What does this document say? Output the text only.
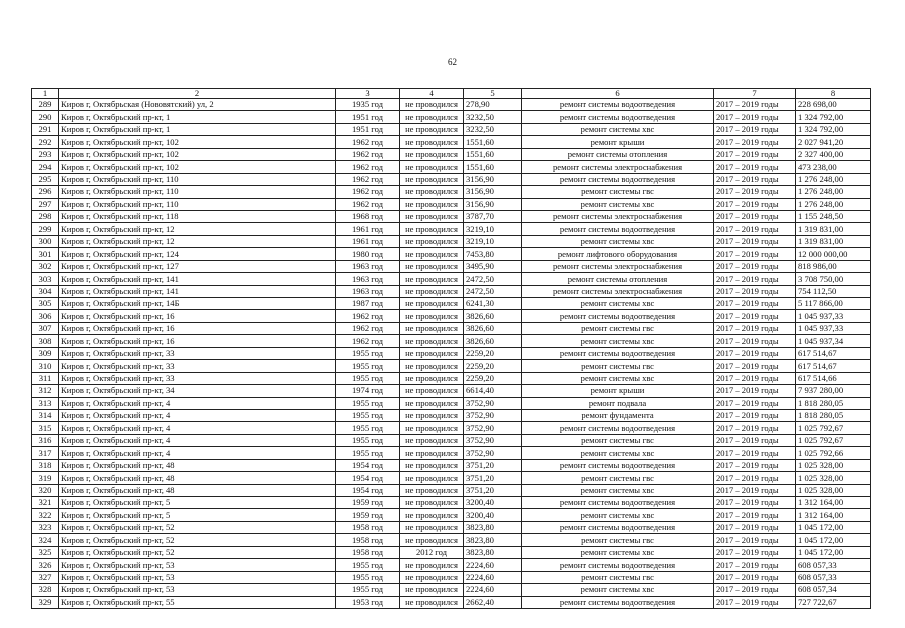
62
1	2	3	4	5	6	7	8
289	Киров г, Октябрьская (Нововятский) ул, 2	1935 год	не проводился	278,90	ремонт системы водоотведения	2017 – 2019 годы	228 698,00
290	Киров г, Октябрьский пр-кт, 1	1951 год	не проводился	3232,50	ремонт системы водоотведения	2017 – 2019 годы	1 324 792,00
291	Киров г, Октябрьский пр-кт, 1	1951 год	не проводился	3232,50	ремонт системы хвс	2017 – 2019 годы	1 324 792,00
292	Киров г, Октябрьский пр-кт, 102	1962 год	не проводился	1551,60	ремонт крыши	2017 – 2019 годы	2 027 941,20
293	Киров г, Октябрьский пр-кт, 102	1962 год	не проводился	1551,60	ремонт системы отопления	2017 – 2019 годы	2 327 400,00
294	Киров г, Октябрьский пр-кт, 102	1962 год	не проводился	1551,60	ремонт системы электроснабжения	2017 – 2019 годы	473 238,00
295	Киров г, Октябрьский пр-кт, 110	1962 год	не проводился	3156,90	ремонт системы водоотведения	2017 – 2019 годы	1 276 248,00
296	Киров г, Октябрьский пр-кт, 110	1962 год	не проводился	3156,90	ремонт системы гвс	2017 – 2019 годы	1 276 248,00
297	Киров г, Октябрьский пр-кт, 110	1962 год	не проводился	3156,90	ремонт системы хвс	2017 – 2019 годы	1 276 248,00
298	Киров г, Октябрьский пр-кт, 118	1968 год	не проводился	3787,70	ремонт системы электроснабжения	2017 – 2019 годы	1 155 248,50
299	Киров г, Октябрьский пр-кт, 12	1961 год	не проводился	3219,10	ремонт системы водоотведения	2017 – 2019 годы	1 319 831,00
300	Киров г, Октябрьский пр-кт, 12	1961 год	не проводился	3219,10	ремонт системы хвс	2017 – 2019 годы	1 319 831,00
301	Киров г, Октябрьский пр-кт, 124	1980 год	не проводился	7453,80	ремонт лифтового оборудования	2017 – 2019 годы	12 000 000,00
302	Киров г, Октябрьский пр-кт, 127	1963 год	не проводился	3495,90	ремонт системы электроснабжения	2017 – 2019 годы	818 986,00
303	Киров г, Октябрьский пр-кт, 141	1963 год	не проводился	2472,50	ремонт системы отопления	2017 – 2019 годы	3 708 750,00
304	Киров г, Октябрьский пр-кт, 141	1963 год	не проводился	2472,50	ремонт системы электроснабжения	2017 – 2019 годы	754 112,50
305	Киров г, Октябрьский пр-кт, 14Б	1987 год	не проводился	6241,30	ремонт системы хвс	2017 – 2019 годы	5 117 866,00
306	Киров г, Октябрьский пр-кт, 16	1962 год	не проводился	3826,60	ремонт системы водоотведения	2017 – 2019 годы	1 045 937,33
307	Киров г, Октябрьский пр-кт, 16	1962 год	не проводился	3826,60	ремонт системы гвс	2017 – 2019 годы	1 045 937,33
308	Киров г, Октябрьский пр-кт, 16	1962 год	не проводился	3826,60	ремонт системы хвс	2017 – 2019 годы	1 045 937,34
309	Киров г, Октябрьский пр-кт, 33	1955 год	не проводился	2259,20	ремонт системы водоотведения	2017 – 2019 годы	617 514,67
310	Киров г, Октябрьский пр-кт, 33	1955 год	не проводился	2259,20	ремонт системы гвс	2017 – 2019 годы	617 514,67
311	Киров г, Октябрьский пр-кт, 33	1955 год	не проводился	2259,20	ремонт системы хвс	2017 – 2019 годы	617 514,66
312	Киров г, Октябрьский пр-кт, 34	1974 год	не проводился	6614,40	ремонт крыши	2017 – 2019 годы	7 937 280,00
313	Киров г, Октябрьский пр-кт, 4	1955 год	не проводился	3752,90	ремонт подвала	2017 – 2019 годы	1 818 280,05
314	Киров г, Октябрьский пр-кт, 4	1955 год	не проводился	3752,90	ремонт фундамента	2017 – 2019 годы	1 818 280,05
315	Киров г, Октябрьский пр-кт, 4	1955 год	не проводился	3752,90	ремонт системы водоотведения	2017 – 2019 годы	1 025 792,67
316	Киров г, Октябрьский пр-кт, 4	1955 год	не проводился	3752,90	ремонт системы гвс	2017 – 2019 годы	1 025 792,67
317	Киров г, Октябрьский пр-кт, 4	1955 год	не проводился	3752,90	ремонт системы хвс	2017 – 2019 годы	1 025 792,66
318	Киров г, Октябрьский пр-кт, 48	1954 год	не проводился	3751,20	ремонт системы водоотведения	2017 – 2019 годы	1 025 328,00
319	Киров г, Октябрьский пр-кт, 48	1954 год	не проводился	3751,20	ремонт системы гвс	2017 – 2019 годы	1 025 328,00
320	Киров г, Октябрьский пр-кт, 48	1954 год	не проводился	3751,20	ремонт системы хвс	2017 – 2019 годы	1 025 328,00
321	Киров г, Октябрьский пр-кт, 5	1959 год	не проводился	3200,40	ремонт системы водоотведения	2017 – 2019 годы	1 312 164,00
322	Киров г, Октябрьский пр-кт, 5	1959 год	не проводился	3200,40	ремонт системы хвс	2017 – 2019 годы	1 312 164,00
323	Киров г, Октябрьский пр-кт, 52	1958 год	не проводился	3823,80	ремонт системы водоотведения	2017 – 2019 годы	1 045 172,00
324	Киров г, Октябрьский пр-кт, 52	1958 год	не проводился	3823,80	ремонт системы гвс	2017 – 2019 годы	1 045 172,00
325	Киров г, Октябрьский пр-кт, 52	1958 год	2012 год	3823,80	ремонт системы хвс	2017 – 2019 годы	1 045 172,00
326	Киров г, Октябрьский пр-кт, 53	1955 год	не проводился	2224,60	ремонт системы водоотведения	2017 – 2019 годы	608 057,33
327	Киров г, Октябрьский пр-кт, 53	1955 год	не проводился	2224,60	ремонт системы гвс	2017 – 2019 годы	608 057,33
328	Киров г, Октябрьский пр-кт, 53	1955 год	не проводился	2224,60	ремонт системы хвс	2017 – 2019 годы	608 057,34
329	Киров г, Октябрьский пр-кт, 55	1953 год	не проводился	2662,40	ремонт системы водоотведения	2017 – 2019 годы	727 722,67
